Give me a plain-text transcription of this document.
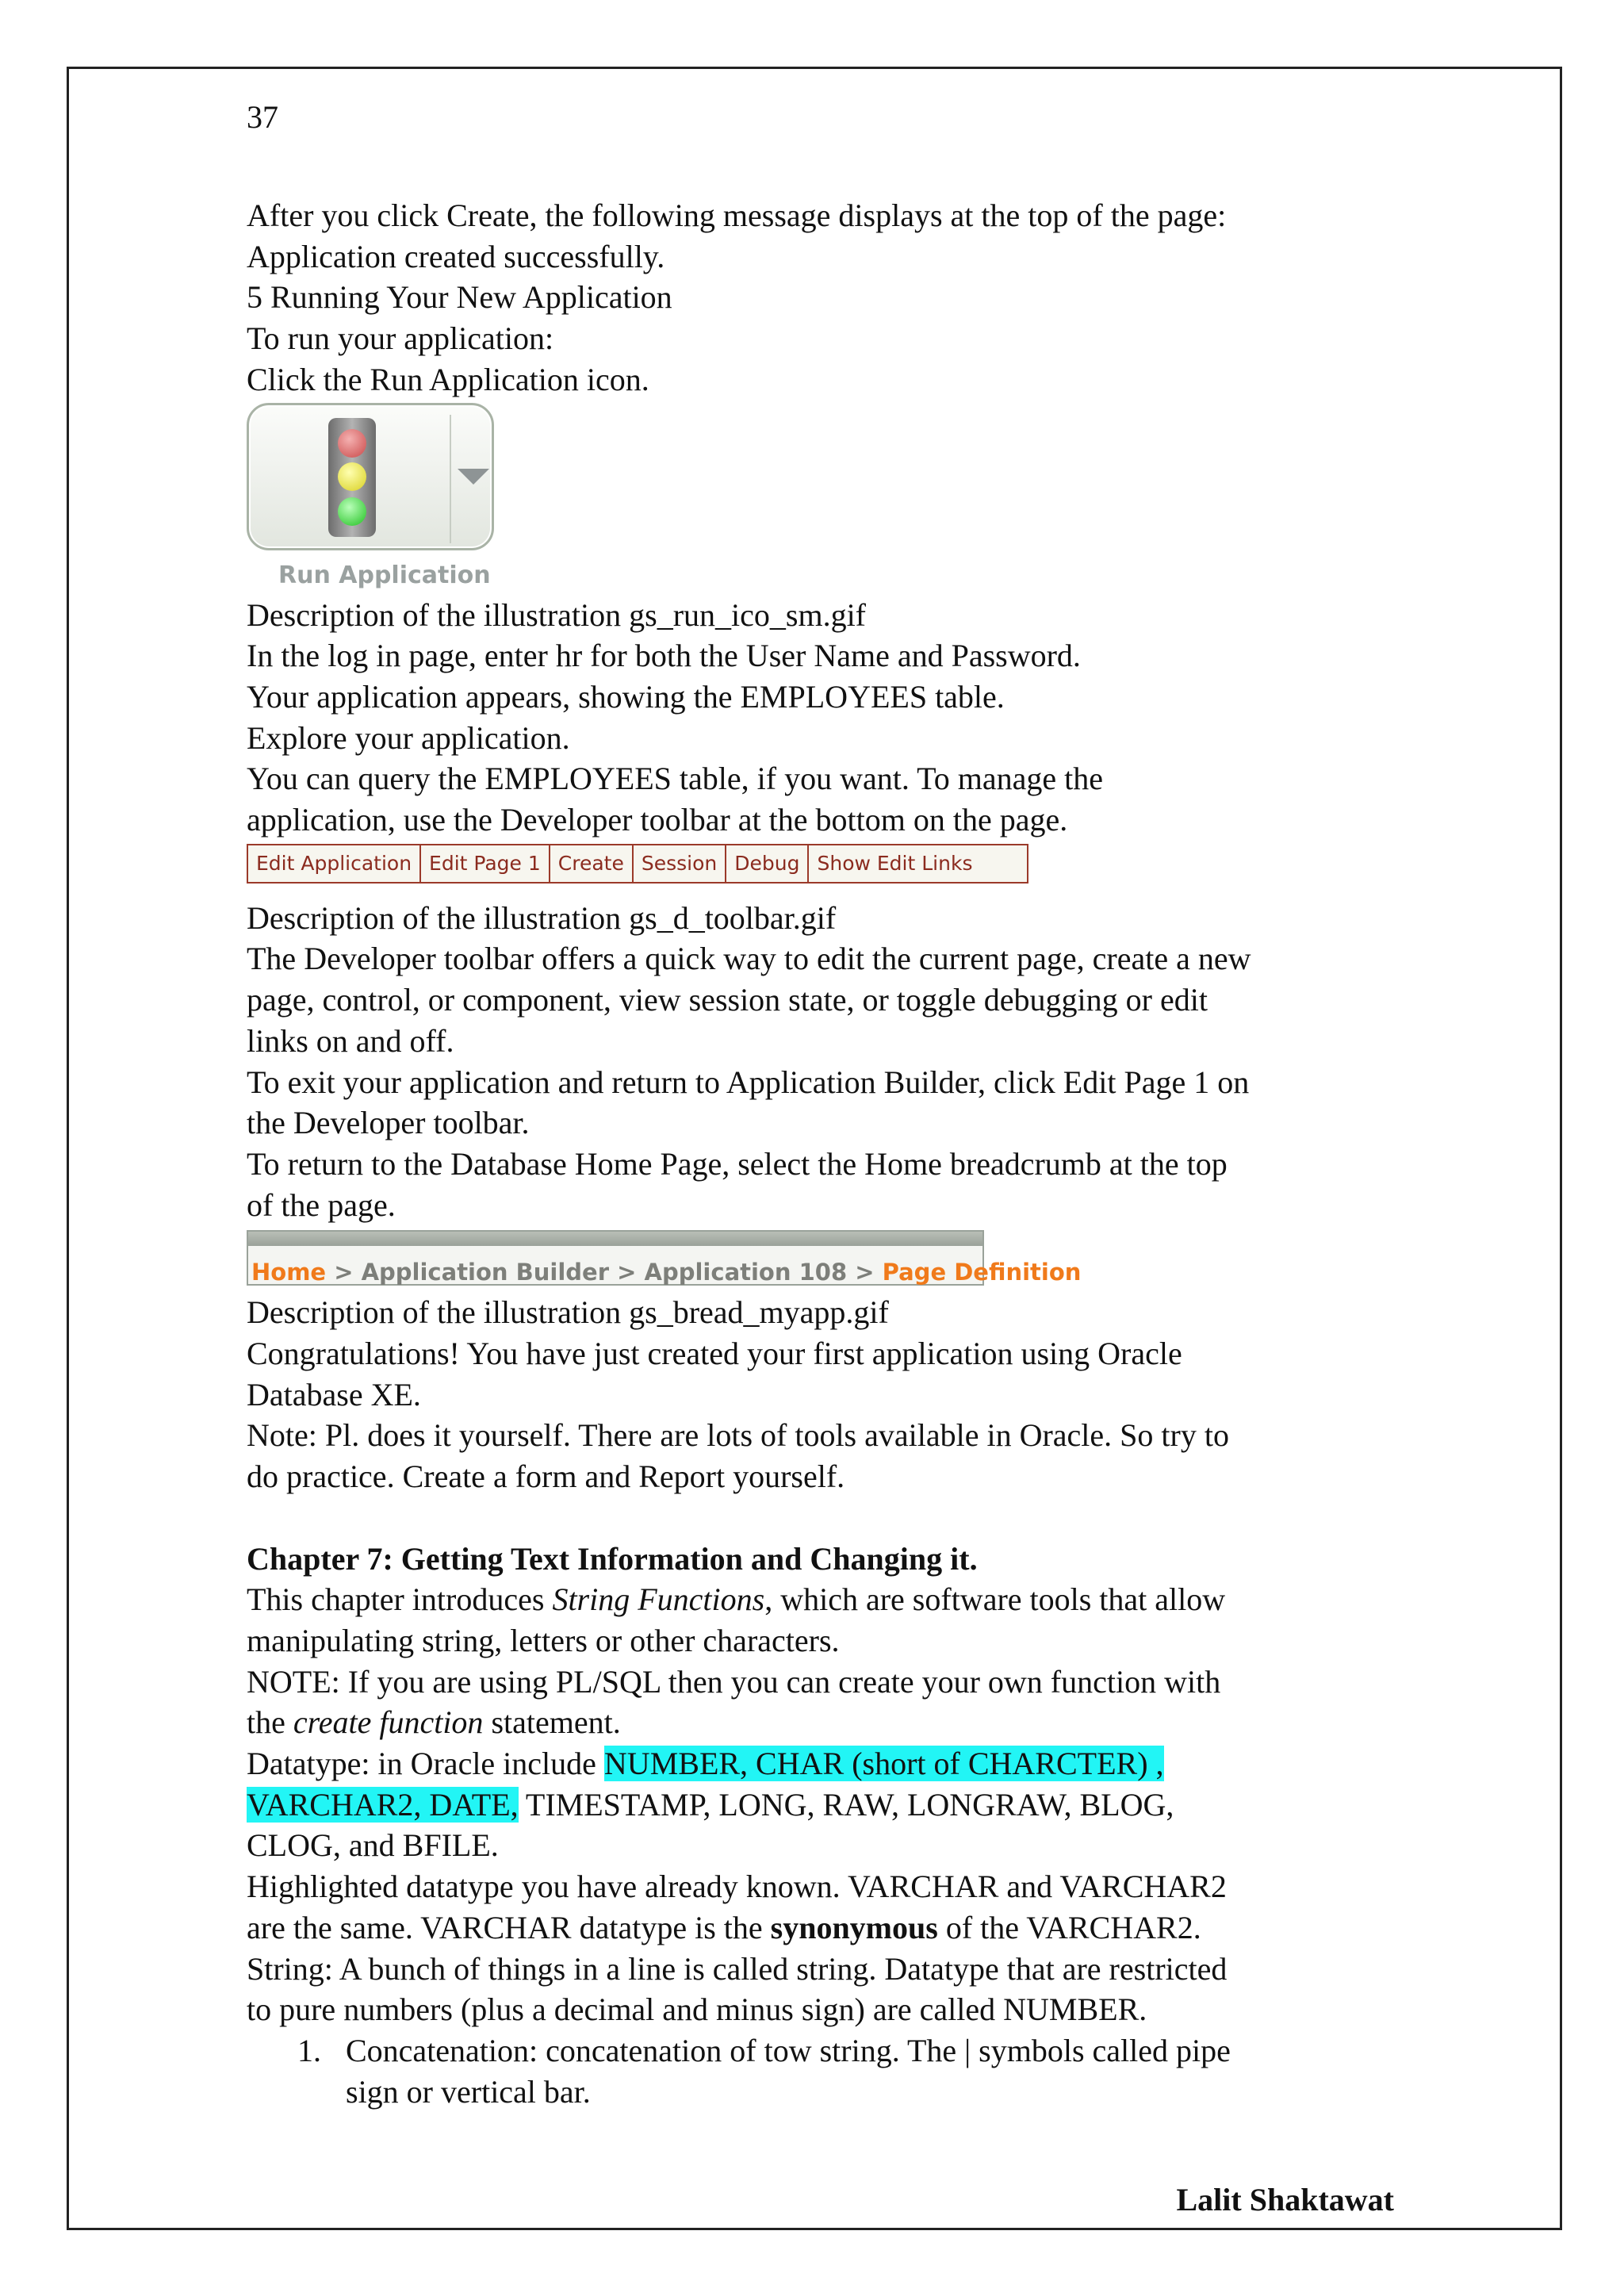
37
After you click Create, the following message displays at the top of the page:
Application created successfully.
5 Running Your New Application
To run your application:
Click the Run Application icon.
Run Application
Description of the illustration gs_run_ico_sm.gif
In the log in page, enter hr for both the User Name and Password.
Your application appears, showing the EMPLOYEES table.
Explore your application.
You can query the EMPLOYEES table, if you want. To manage the
application, use the Developer toolbar at the bottom on the page.
Edit Application Edit Page 1 Create Session Debug Show Edit Links
Description of the illustration gs_d_toolbar.gif
The Developer toolbar offers a quick way to edit the current page, create a new
page, control, or component, view session state, or toggle debugging or edit
links on and off.
To exit your application and return to Application Builder, click Edit Page 1 on
the Developer toolbar.
To return to the Database Home Page, select the Home breadcrumb at the top
of the page.
Home > Application Builder > Application 108 > Page Definition
Description of the illustration gs_bread_myapp.gif
Congratulations! You have just created your first application using Oracle
Database XE.
Note: Pl. does it yourself. There are lots of tools available in Oracle. So try to
do practice. Create a form and Report yourself.
Chapter 7: Getting Text Information and Changing it.
This chapter introduces String Functions, which are software tools that allow
manipulating string, letters or other characters.
NOTE: If you are using PL/SQL then you can create your own function with
the create function statement.
Datatype: in Oracle include NUMBER, CHAR (short of CHARCTER) ,
VARCHAR2, DATE, TIMESTAMP, LONG, RAW, LONGRAW, BLOG,
CLOG, and BFILE.
Highlighted datatype you have already known. VARCHAR and VARCHAR2
are the same. VARCHAR datatype is the synonymous of the VARCHAR2.
String: A bunch of things in a line is called string. Datatype that are restricted
to pure numbers (plus a decimal and minus sign) are called NUMBER.
1. Concatenation: concatenation of tow string. The | symbols called pipe
sign or vertical bar.
Lalit Shaktawat
